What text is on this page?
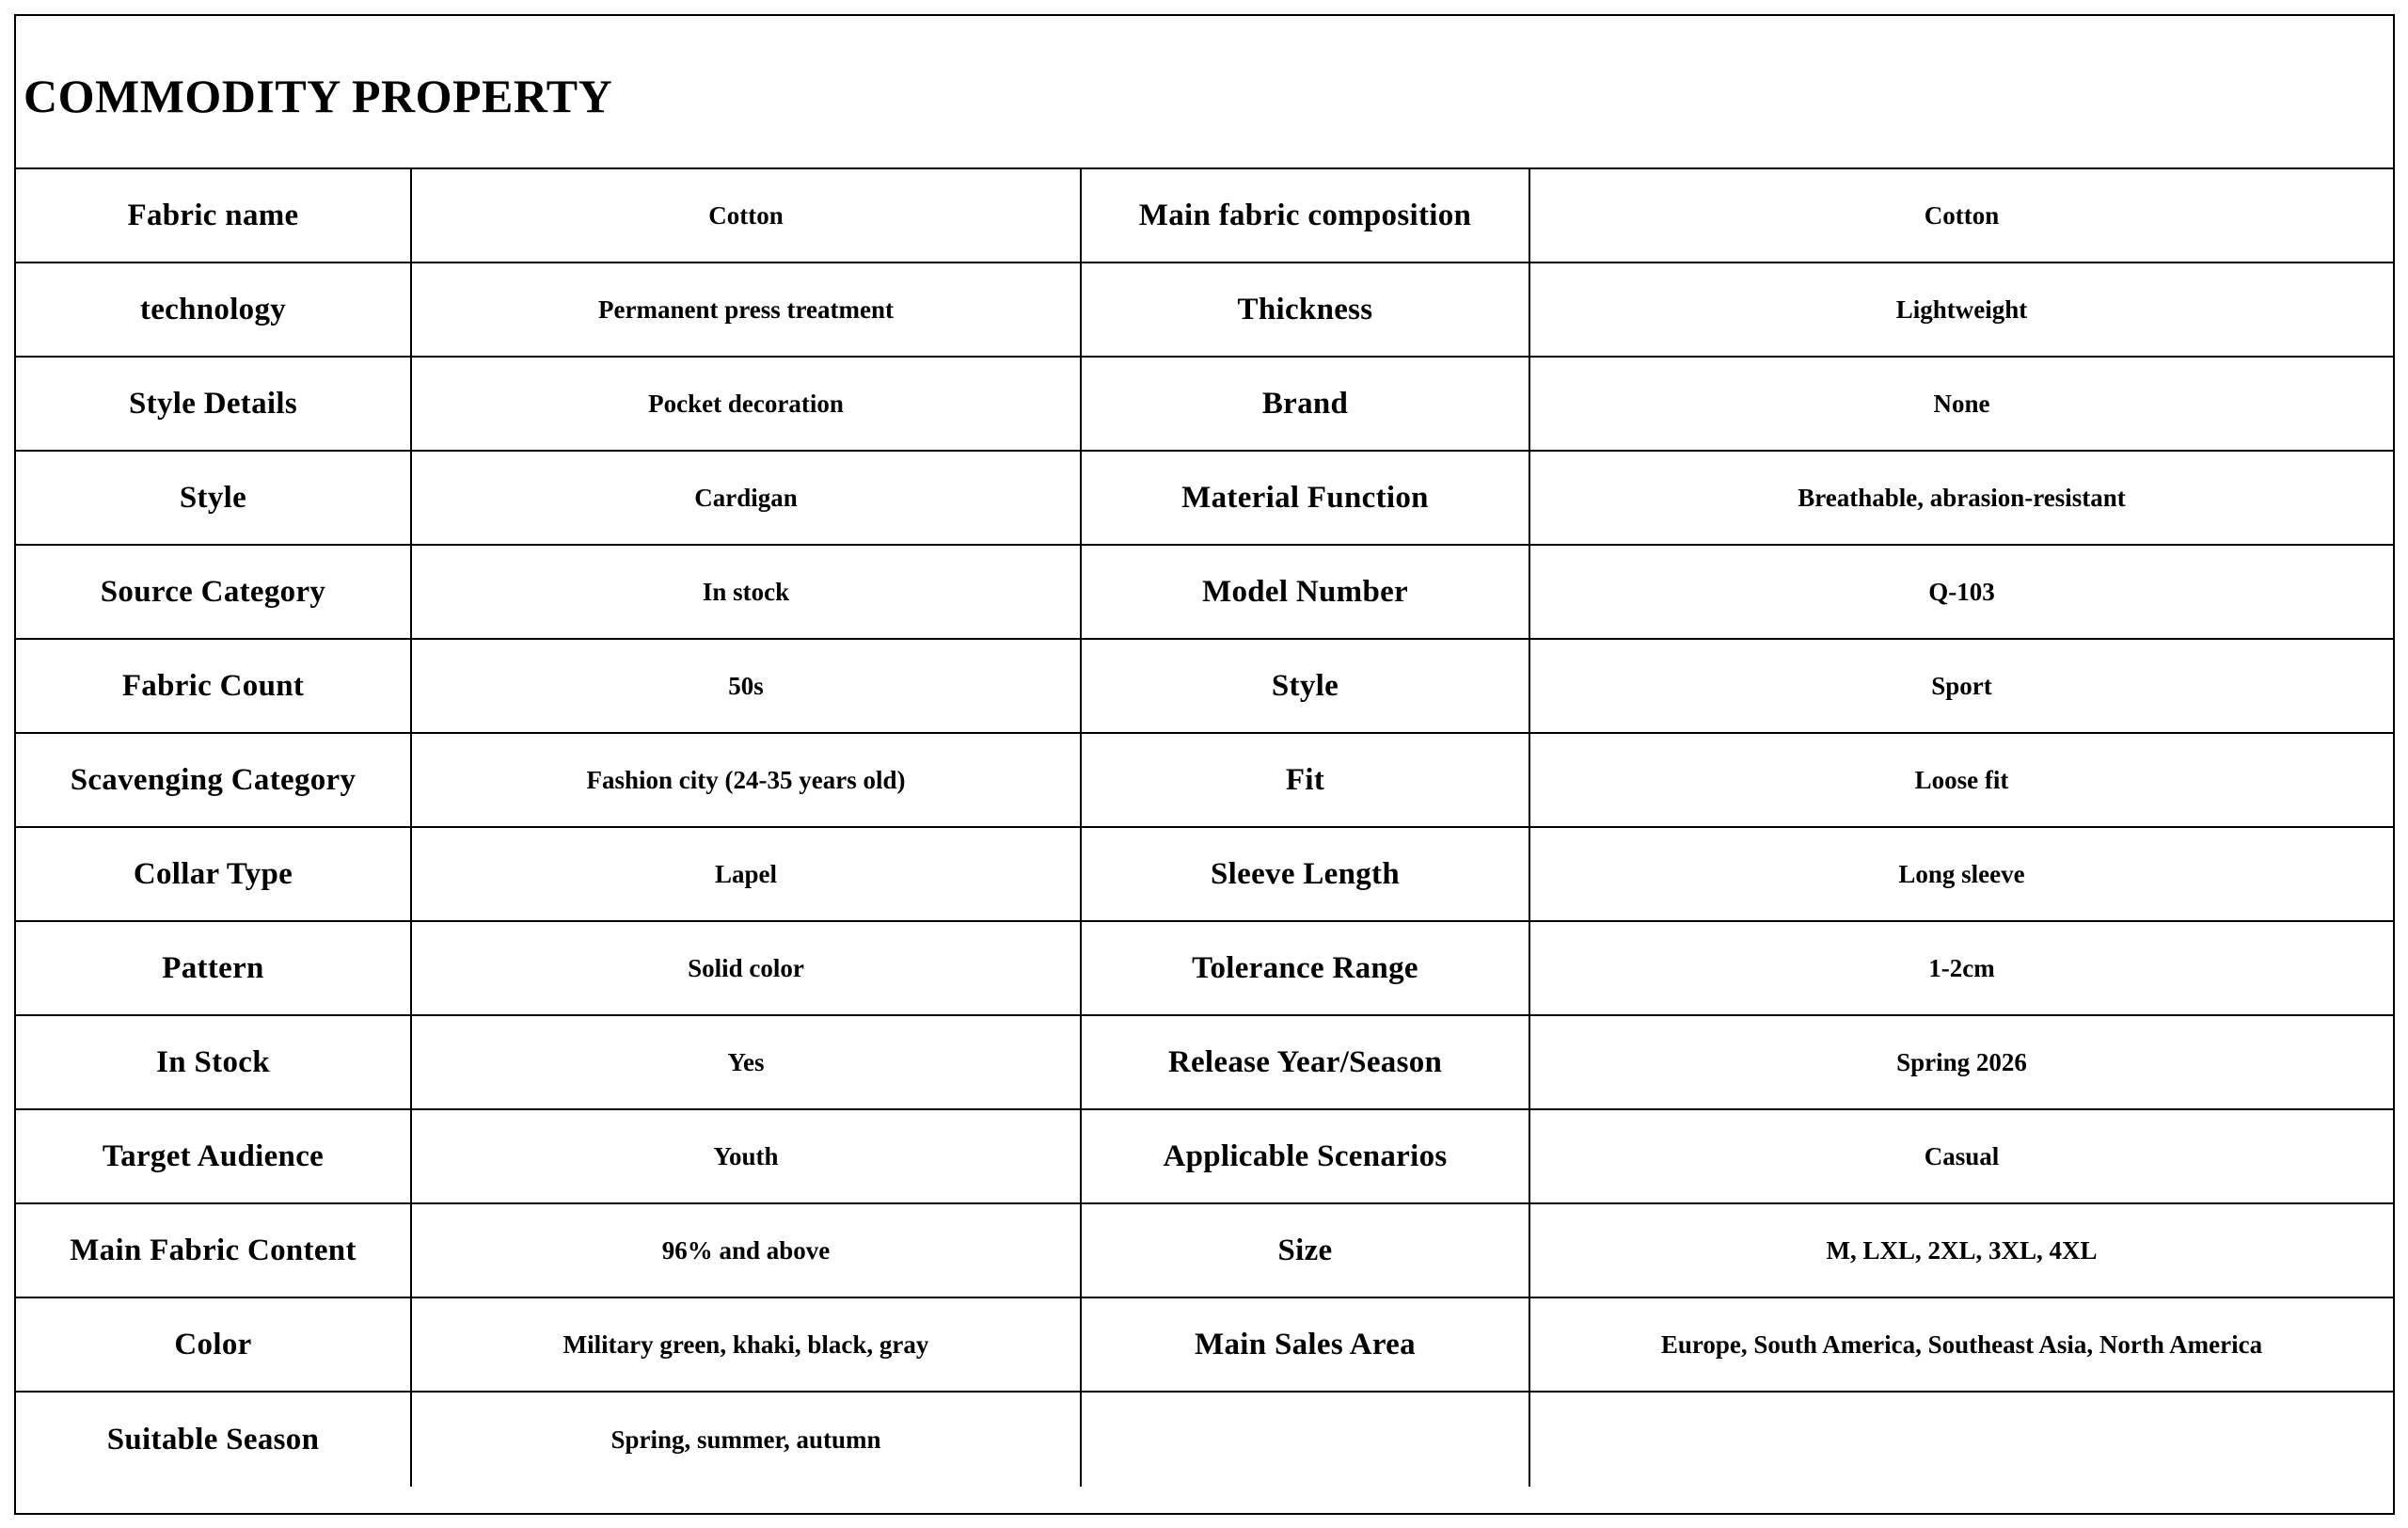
COMMODITY PROPERTY
Fabric name	Cotton	Main fabric composition	Cotton
technology	Permanent press treatment	Thickness	Lightweight
Style Details	Pocket decoration	Brand	None
Style	Cardigan	Material Function	Breathable, abrasion-resistant
Source Category	In stock	Model Number	Q-103
Fabric Count	50s	Style	Sport
Scavenging Category	Fashion city (24-35 years old)	Fit	Loose fit
Collar Type	Lapel	Sleeve Length	Long sleeve
Pattern	Solid color	Tolerance Range	1-2cm
In Stock	Yes	Release Year/Season	Spring 2026
Target Audience	Youth	Applicable Scenarios	Casual
Main Fabric Content	96% and above	Size	M, LXL, 2XL, 3XL, 4XL
Color	Military green, khaki, black, gray	Main Sales Area	Europe, South America, Southeast Asia, North America
Suitable Season	Spring, summer, autumn		
